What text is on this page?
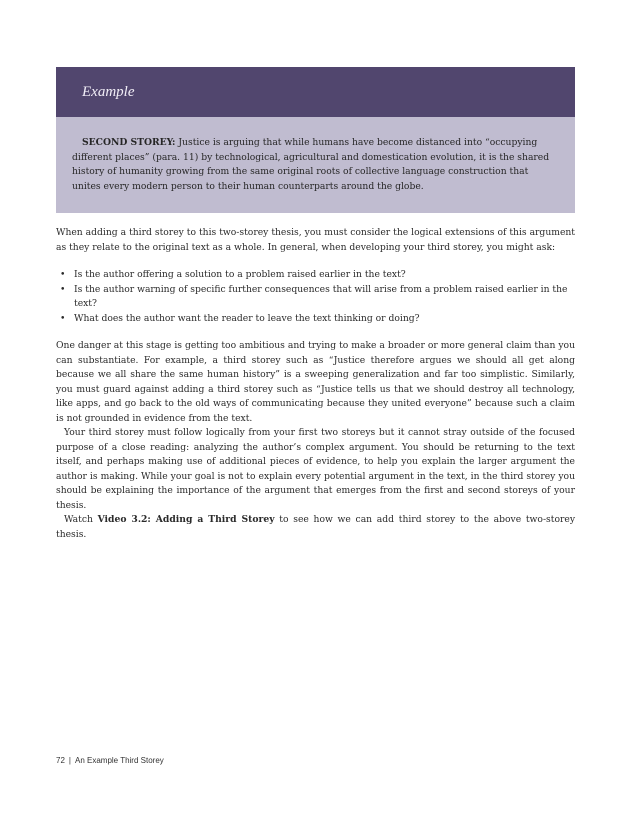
Example
SECOND STOREY: Justice is arguing that while humans have become distanced into “occupying different places” (para. 11) by technological, agricultural and domestication evolution, it is the shared history of humanity growing from the same original roots of collective language construction that unites every modern person to their human counterparts around the globe.

When adding a third storey to this two-storey thesis, you must consider the logical extensions of this argument as they relate to the original text as a whole. In general, when developing your third storey, you might ask:

• Is the author offering a solution to a problem raised earlier in the text?
• Is the author warning of specific further consequences that will arise from a problem raised earlier in the text?
• What does the author want the reader to leave the text thinking or doing?

One danger at this stage is getting too ambitious and trying to make a broader or more general claim than you can substantiate. For example, a third storey such as “Justice therefore argues we should all get along because we all share the same human history” is a sweeping generalization and far too simplistic. Similarly, you must guard against adding a third storey such as “Justice tells us that we should destroy all technology, like apps, and go back to the old ways of communicating because they united everyone” because such a claim is not grounded in evidence from the text.

Your third storey must follow logically from your first two storeys but it cannot stray outside of the focused purpose of a close reading: analyzing the author’s complex argument. You should be returning to the text itself, and perhaps making use of additional pieces of evidence, to help you explain the larger argument the author is making. While your goal is not to explain every potential argument in the text, in the third storey you should be explaining the importance of the argument that emerges from the first and second storeys of your thesis.

Watch Video 3.2: Adding a Third Storey to see how we can add third storey to the above two-storey thesis.

72 | An Example Third Storey
